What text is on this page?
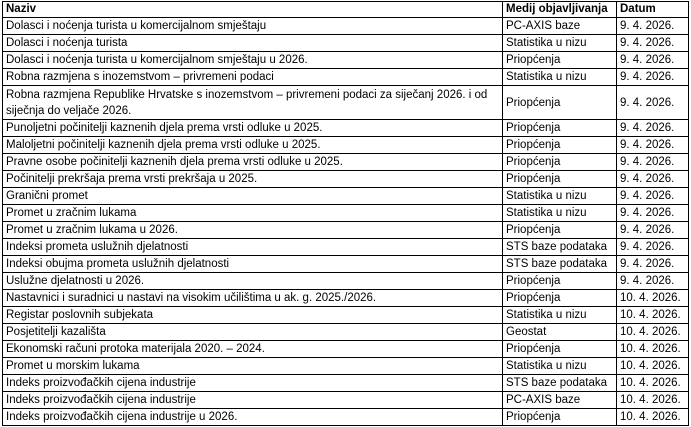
Naziv	Medij objavljivanja	Datum
Dolasci i noćenja turista u komercijalnom smještaju	PC-AXIS baze	9. 4. 2026.
Dolasci i noćenja turista	Statistika u nizu	9. 4. 2026.
Dolasci i noćenja turista u komercijalnom smještaju u 2026.	Priopćenja	9. 4. 2026.
Robna razmjena s inozemstvom – privremeni podaci	Statistika u nizu	9. 4. 2026.
Robna razmjena Republike Hrvatske s inozemstvom – privremeni podaci za siječanj 2026. i od siječnja do veljače 2026.	Priopćenja	9. 4. 2026.
Punoljetni počinitelji kaznenih djela prema vrsti odluke u 2025.	Priopćenja	9. 4. 2026.
Maloljetni počinitelji kaznenih djela prema vrsti odluke u 2025.	Priopćenja	9. 4. 2026.
Pravne osobe počinitelji kaznenih djela prema vrsti odluke u 2025.	Priopćenja	9. 4. 2026.
Počinitelji prekršaja prema vrsti prekršaja u 2025.	Priopćenja	9. 4. 2026.
Granični promet	Statistika u nizu	9. 4. 2026.
Promet u zračnim lukama	Statistika u nizu	9. 4. 2026.
Promet u zračnim lukama u 2026.	Priopćenja	9. 4. 2026.
Indeksi prometa uslužnih djelatnosti	STS baze podataka	9. 4. 2026.
Indeksi obujma prometa uslužnih djelatnosti	STS baze podataka	9. 4. 2026.
Uslužne djelatnosti u 2026.	Priopćenja	9. 4. 2026.
Nastavnici i suradnici u nastavi na visokim učilištima u ak. g. 2025./2026.	Priopćenja	10. 4. 2026.
Registar poslovnih subjekata	Statistika u nizu	10. 4. 2026.
Posjetitelji kazališta	Geostat	10. 4. 2026.
Ekonomski računi protoka materijala 2020. – 2024.	Priopćenja	10. 4. 2026.
Promet u morskim lukama	Statistika u nizu	10. 4. 2026.
Indeks proizvođačkih cijena industrije	STS baze podataka	10. 4. 2026.
Indeks proizvođačkih cijena industrije	PC-AXIS baze	10. 4. 2026.
Indeks proizvođačkih cijena industrije u 2026.	Priopćenja	10. 4. 2026.
